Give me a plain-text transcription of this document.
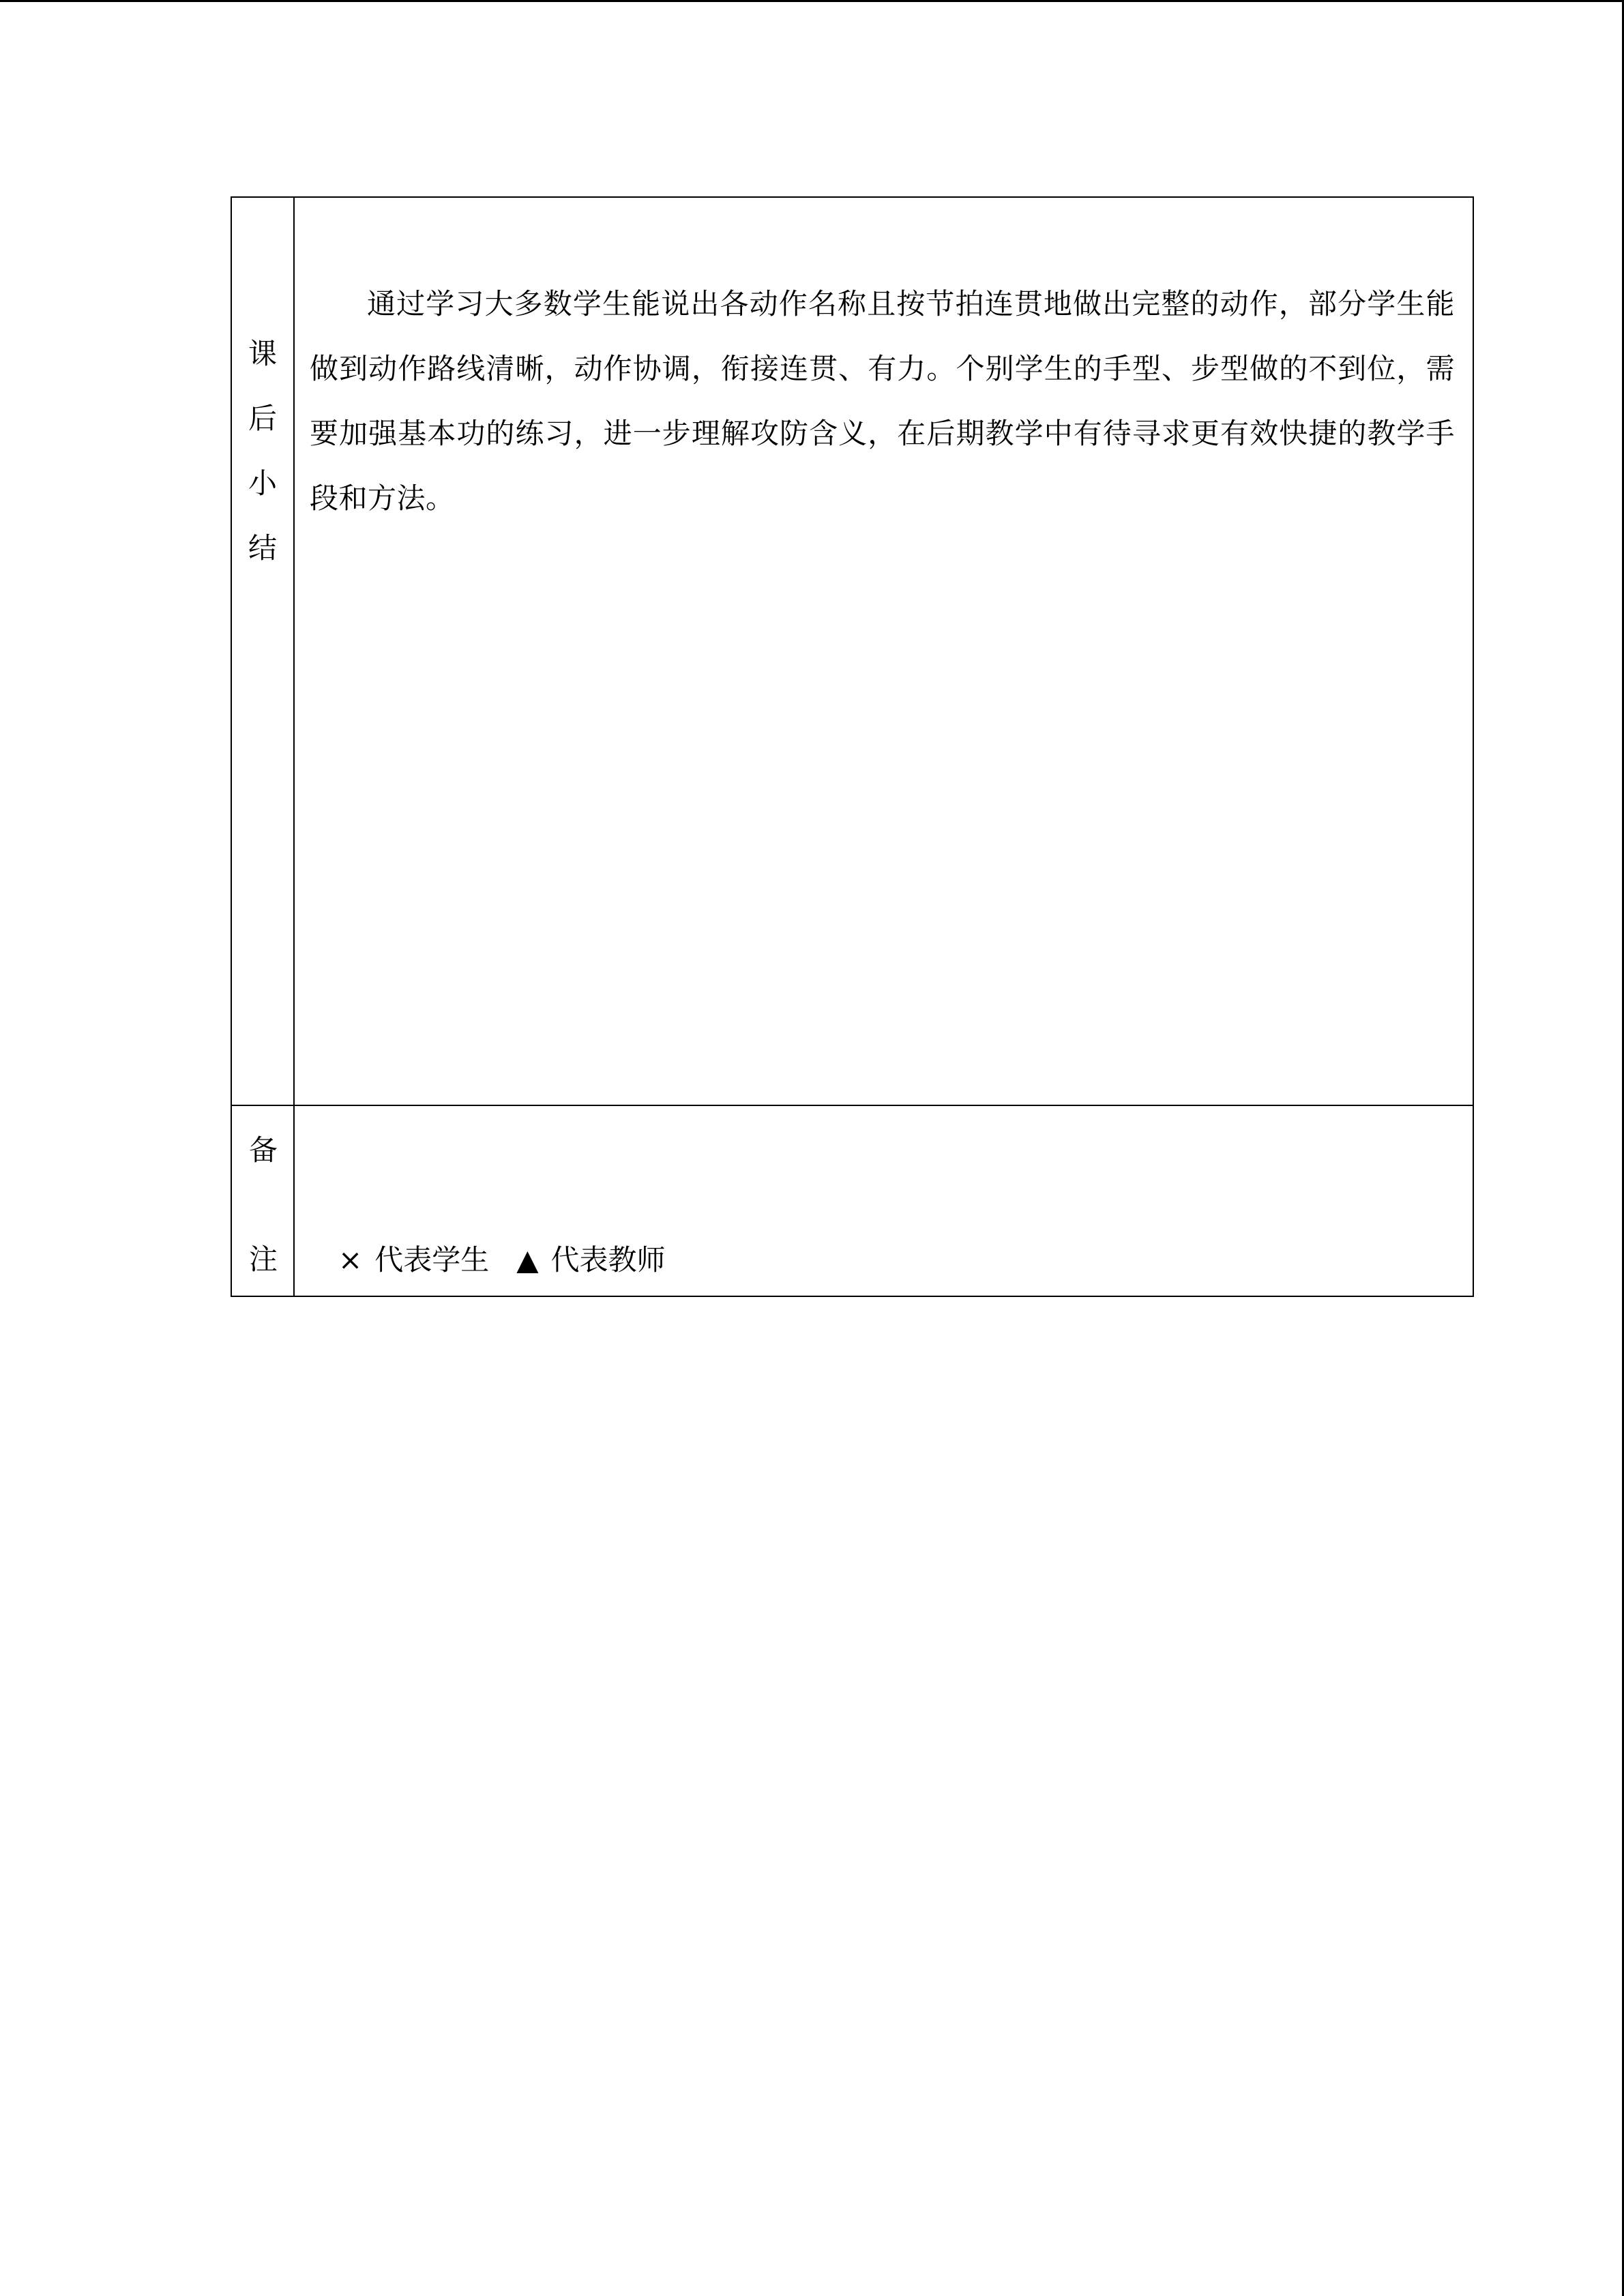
课
后
小
结	通过学习大多数学生能说出各动作名称且按节拍连贯地做出完整的动作，部分学生能做到动作路线清晰，动作协调，衔接连贯、有力。个别学生的手型、步型做的不到位，需要加强基本功的练习，进一步理解攻防含义，在后期教学中有待寻求更有效快捷的教学手段和方法。

备
注	× 代表学生 ▲ 代表教师
